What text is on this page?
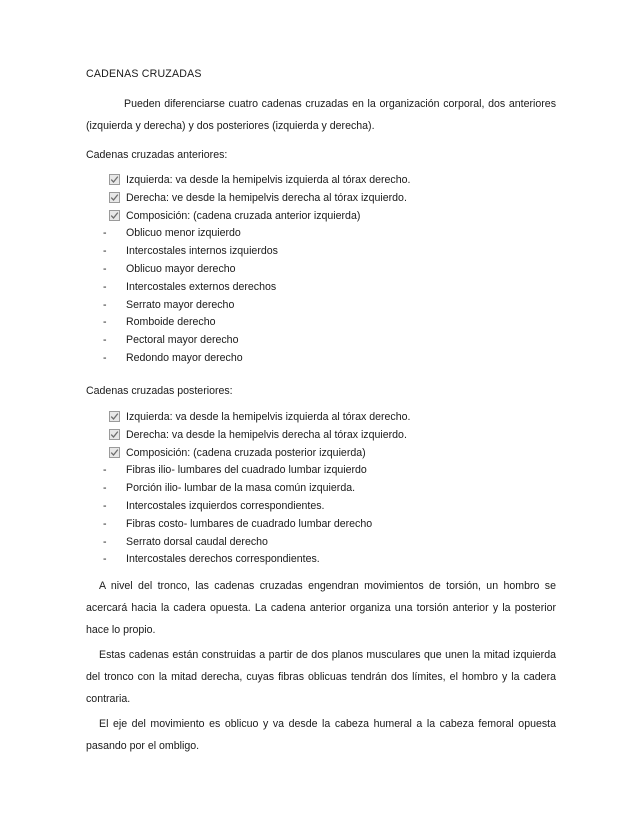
CADENAS CRUZADAS

Pueden diferenciarse cuatro cadenas cruzadas en la organización corporal, dos anteriores (izquierda y derecha) y dos posteriores (izquierda y derecha).

Cadenas cruzadas anteriores:
Izquierda: va desde la hemipelvis izquierda al tórax derecho.
Derecha: ve desde la hemipelvis derecha al tórax izquierdo.
Composición: (cadena cruzada anterior izquierda)
- Oblicuo menor izquierdo
- Intercostales internos izquierdos
- Oblicuo mayor derecho
- Intercostales externos derechos
- Serrato mayor derecho
- Romboide derecho
- Pectoral mayor derecho
- Redondo mayor derecho
Cadenas cruzadas posteriores:
Izquierda: va desde la hemipelvis izquierda al tórax derecho.
Derecha: va desde la hemipelvis derecha al tórax izquierdo.
Composición: (cadena cruzada posterior izquierda)
- Fibras ilio- lumbares del cuadrado lumbar izquierdo
- Porción ilio- lumbar de la masa común izquierda.
- Intercostales izquierdos correspondientes.
- Fibras costo- lumbares de cuadrado lumbar derecho
- Serrato dorsal caudal derecho
- Intercostales derechos correspondientes.

A nivel del tronco, las cadenas cruzadas engendran movimientos de torsión, un hombro se acercará hacia la cadera opuesta. La cadena anterior organiza una torsión anterior y la posterior hace lo propio.

Estas cadenas están construidas a partir de dos planos musculares que unen la mitad izquierda del tronco con la mitad derecha, cuyas fibras oblicuas tendrán dos límites, el hombro y la cadera contraria.

El eje del movimiento es oblicuo y va desde la cabeza humeral a la cabeza femoral opuesta pasando por el ombligo.
